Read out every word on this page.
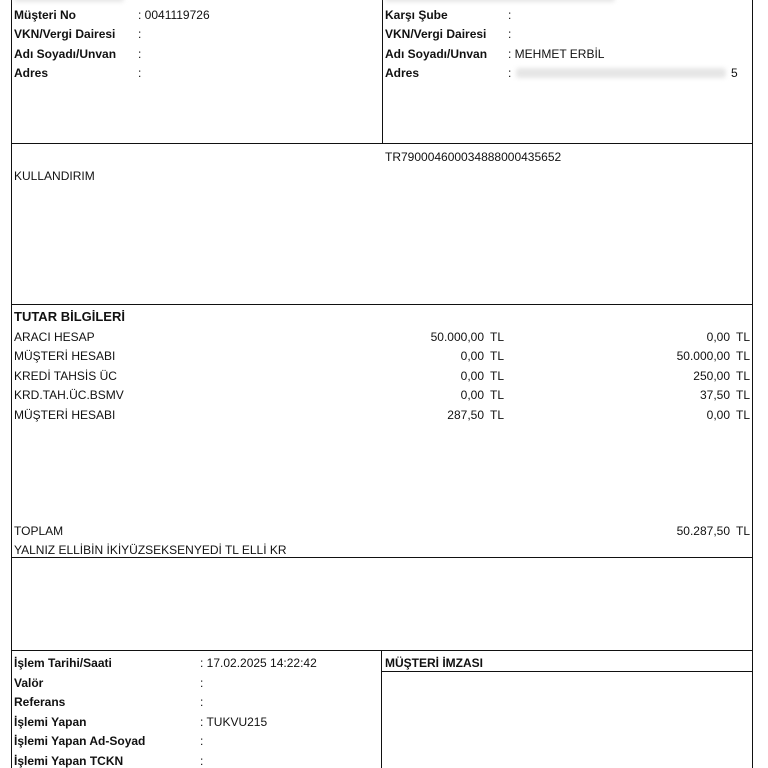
Müşteri No	: 0041119726
VKN/Vergi Dairesi :
Adı Soyadı/Unvan :
Adres	:
Karşı Şube	:
VKN/Vergi Dairesi :
Adı Soyadı/Unvan : MEHMET ERBİL
Adres	:	5
TR790004600034888000435652
KULLANDIRIM
TUTAR BİLGİLERİ
ARACI HESAP	50.000,00 TL	0,00 TL
MÜŞTERİ HESABI	0,00 TL	50.000,00 TL
KREDİ TAHSİS ÜC	0,00 TL	250,00 TL
KRD.TAH.ÜC.BSMV	0,00 TL	37,50 TL
MÜŞTERİ HESABI	287,50 TL	0,00 TL
TOPLAM	50.287,50 TL
YALNIZ ELLİBİN İKİYÜZSEKSENYEDİ TL ELLİ KR
İşlem Tarihi/Saati	: 17.02.2025 14:22:42
Valör	:
Referans	:
İşlemi Yapan	: TUKVU215
İşlemi Yapan Ad-Soyad	:
İşlemi Yapan TCKN	:
MÜŞTERİ İMZASI
